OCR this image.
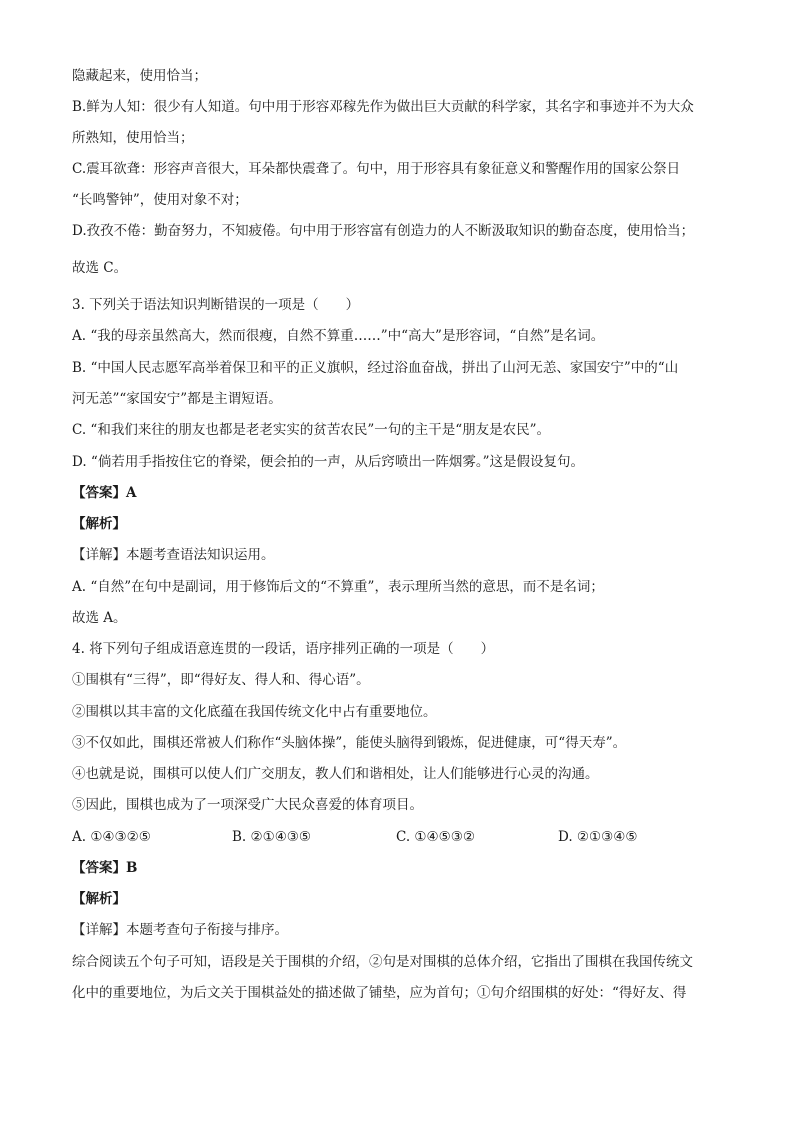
隐藏起来，使用恰当；
B.鲜为人知：很少有人知道。句中用于形容邓稼先作为做出巨大贡献的科学家，其名字和事迹并不为大众
所熟知，使用恰当；
C.震耳欲聋：形容声音很大，耳朵都快震聋了。句中，用于形容具有象征意义和警醒作用的国家公祭日
“长鸣警钟”，使用对象不对；
D.孜孜不倦：勤奋努力，不知疲倦。句中用于形容富有创造力的人不断汲取知识的勤奋态度，使用恰当；
故选 C。
3. 下列关于语法知识判断错误的一项是（　　）
A. “我的母亲虽然高大，然而很瘦，自然不算重……”中“高大”是形容词，“自然”是名词。
B. “中国人民志愿军高举着保卫和平的正义旗帜，经过浴血奋战，拼出了山河无恙、家国安宁”中的“山
河无恙”“家国安宁”都是主谓短语。
C. “和我们来往的朋友也都是老老实实的贫苦农民”一句的主干是“朋友是农民”。
D. “倘若用手指按住它的脊梁，便会拍的一声，从后窍喷出一阵烟雾。”这是假设复句。
【答案】A
【解析】
【详解】本题考查语法知识运用。
A. “自然”在句中是副词，用于修饰后文的“不算重”，表示理所当然的意思，而不是名词；
故选 A。
4. 将下列句子组成语意连贯的一段话，语序排列正确的一项是（　　）
①围棋有“三得”，即“得好友、得人和、得心语”。
②围棋以其丰富的文化底蕴在我国传统文化中占有重要地位。
③不仅如此，围棋还常被人们称作“头脑体操”，能使头脑得到锻炼，促进健康，可“得天寿”。
④也就是说，围棋可以使人们广交朋友，教人们和谐相处，让人们能够进行心灵的沟通。
⑤因此，围棋也成为了一项深受广大民众喜爱的体育项目。
A. ①④③②⑤	B. ②①④③⑤	C. ①④⑤③②	D. ②①③④⑤
【答案】B
【解析】
【详解】本题考查句子衔接与排序。
综合阅读五个句子可知，语段是关于围棋的介绍，②句是对围棋的总体介绍，它指出了围棋在我国传统文
化中的重要地位，为后文关于围棋益处的描述做了铺垫，应为首句；①句介绍围棋的好处：“得好友、得
